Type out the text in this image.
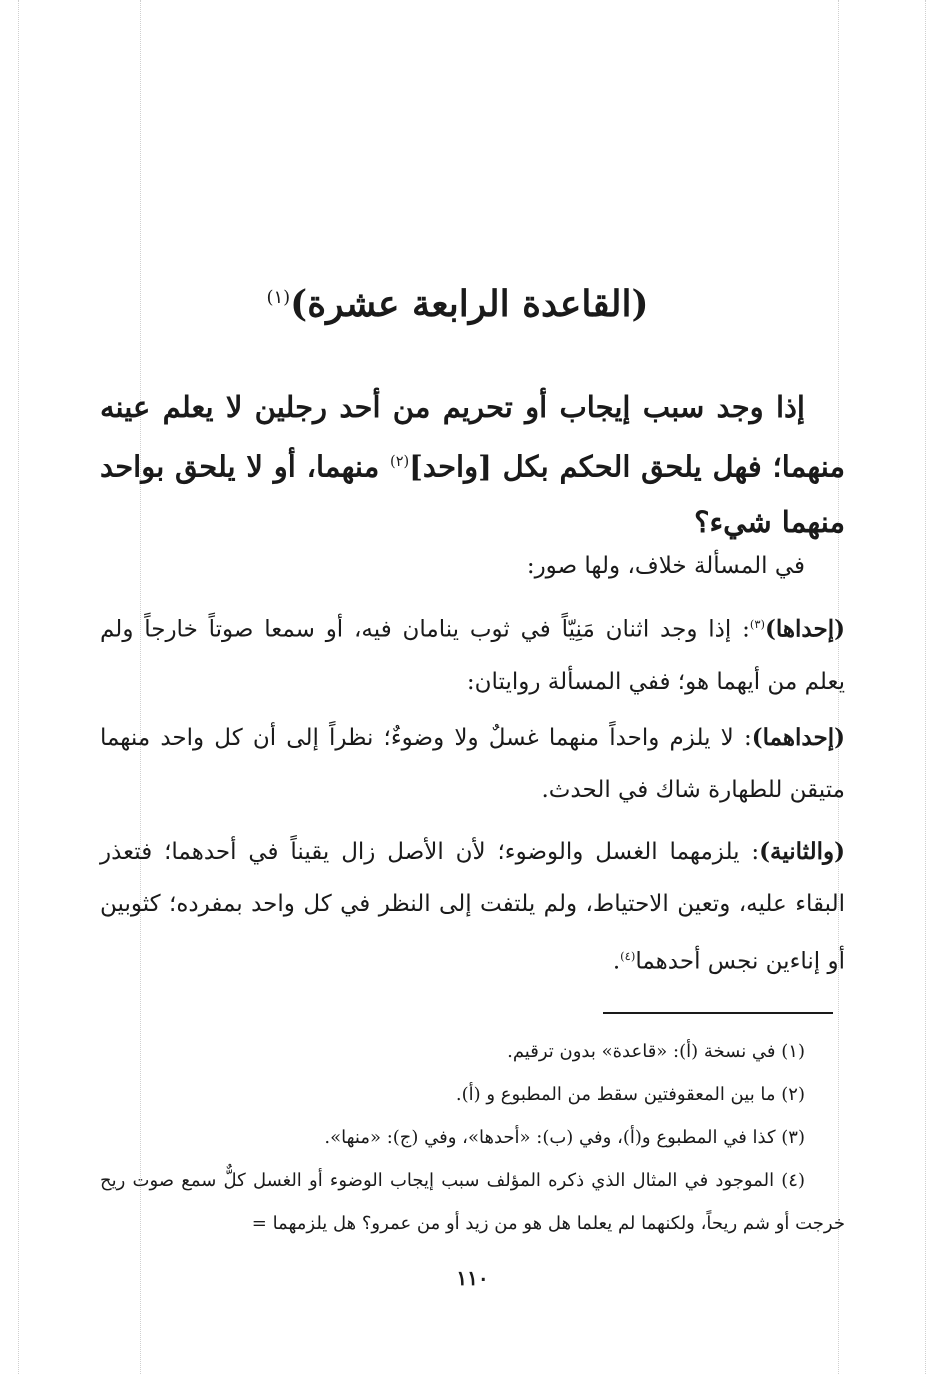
(القاعدة الرابعة عشرة)$^{(١)}$
إذا وجد سبب إيجاب أو تحريم من أحد رجلين لا يعلم عينه منهما؛ فهل يلحق الحكم بكل [واحد]$^{(٢)}$ منهما، أو لا يلحق بواحد منهما شيء؟
في المسألة خلاف، ولها صور:
(إحداها)$^{(٣)}$: إذا وجد اثنان مَنِيّاً في ثوب ينامان فيه، أو سمعا صوتاً خارجاً ولم يعلم من أيهما هو؛ ففي المسألة روايتان:
(إحداهما): لا يلزم واحداً منهما غسلٌ ولا وضوءٌ؛ نظراً إلى أن كل واحد منهما متيقن للطهارة شاك في الحدث.
(والثانية): يلزمهما الغسل والوضوء؛ لأن الأصل زال يقيناً في أحدهما؛ فتعذر البقاء عليه، وتعين الاحتياط، ولم يلتفت إلى النظر في كل واحد بمفرده؛ كثوبين أو إناءين نجس أحدهما$^{(٤)}$.

(١) في نسخة (أ): «قاعدة» بدون ترقيم.

(٢) ما بين المعقوفتين سقط من المطبوع و (أ).

(٣) كذا في المطبوع و(أ)، وفي (ب): «أحدها»، وفي (ج): «منها».

(٤) الموجود في المثال الذي ذكره المؤلف سبب إيجاب الوضوء أو الغسل كلٌّ سمع صوت ريح خرجت أو شم ريحاً، ولكنهما لم يعلما هل هو من زيد أو من عمرو؟ هل يلزمهما =

١١٠
